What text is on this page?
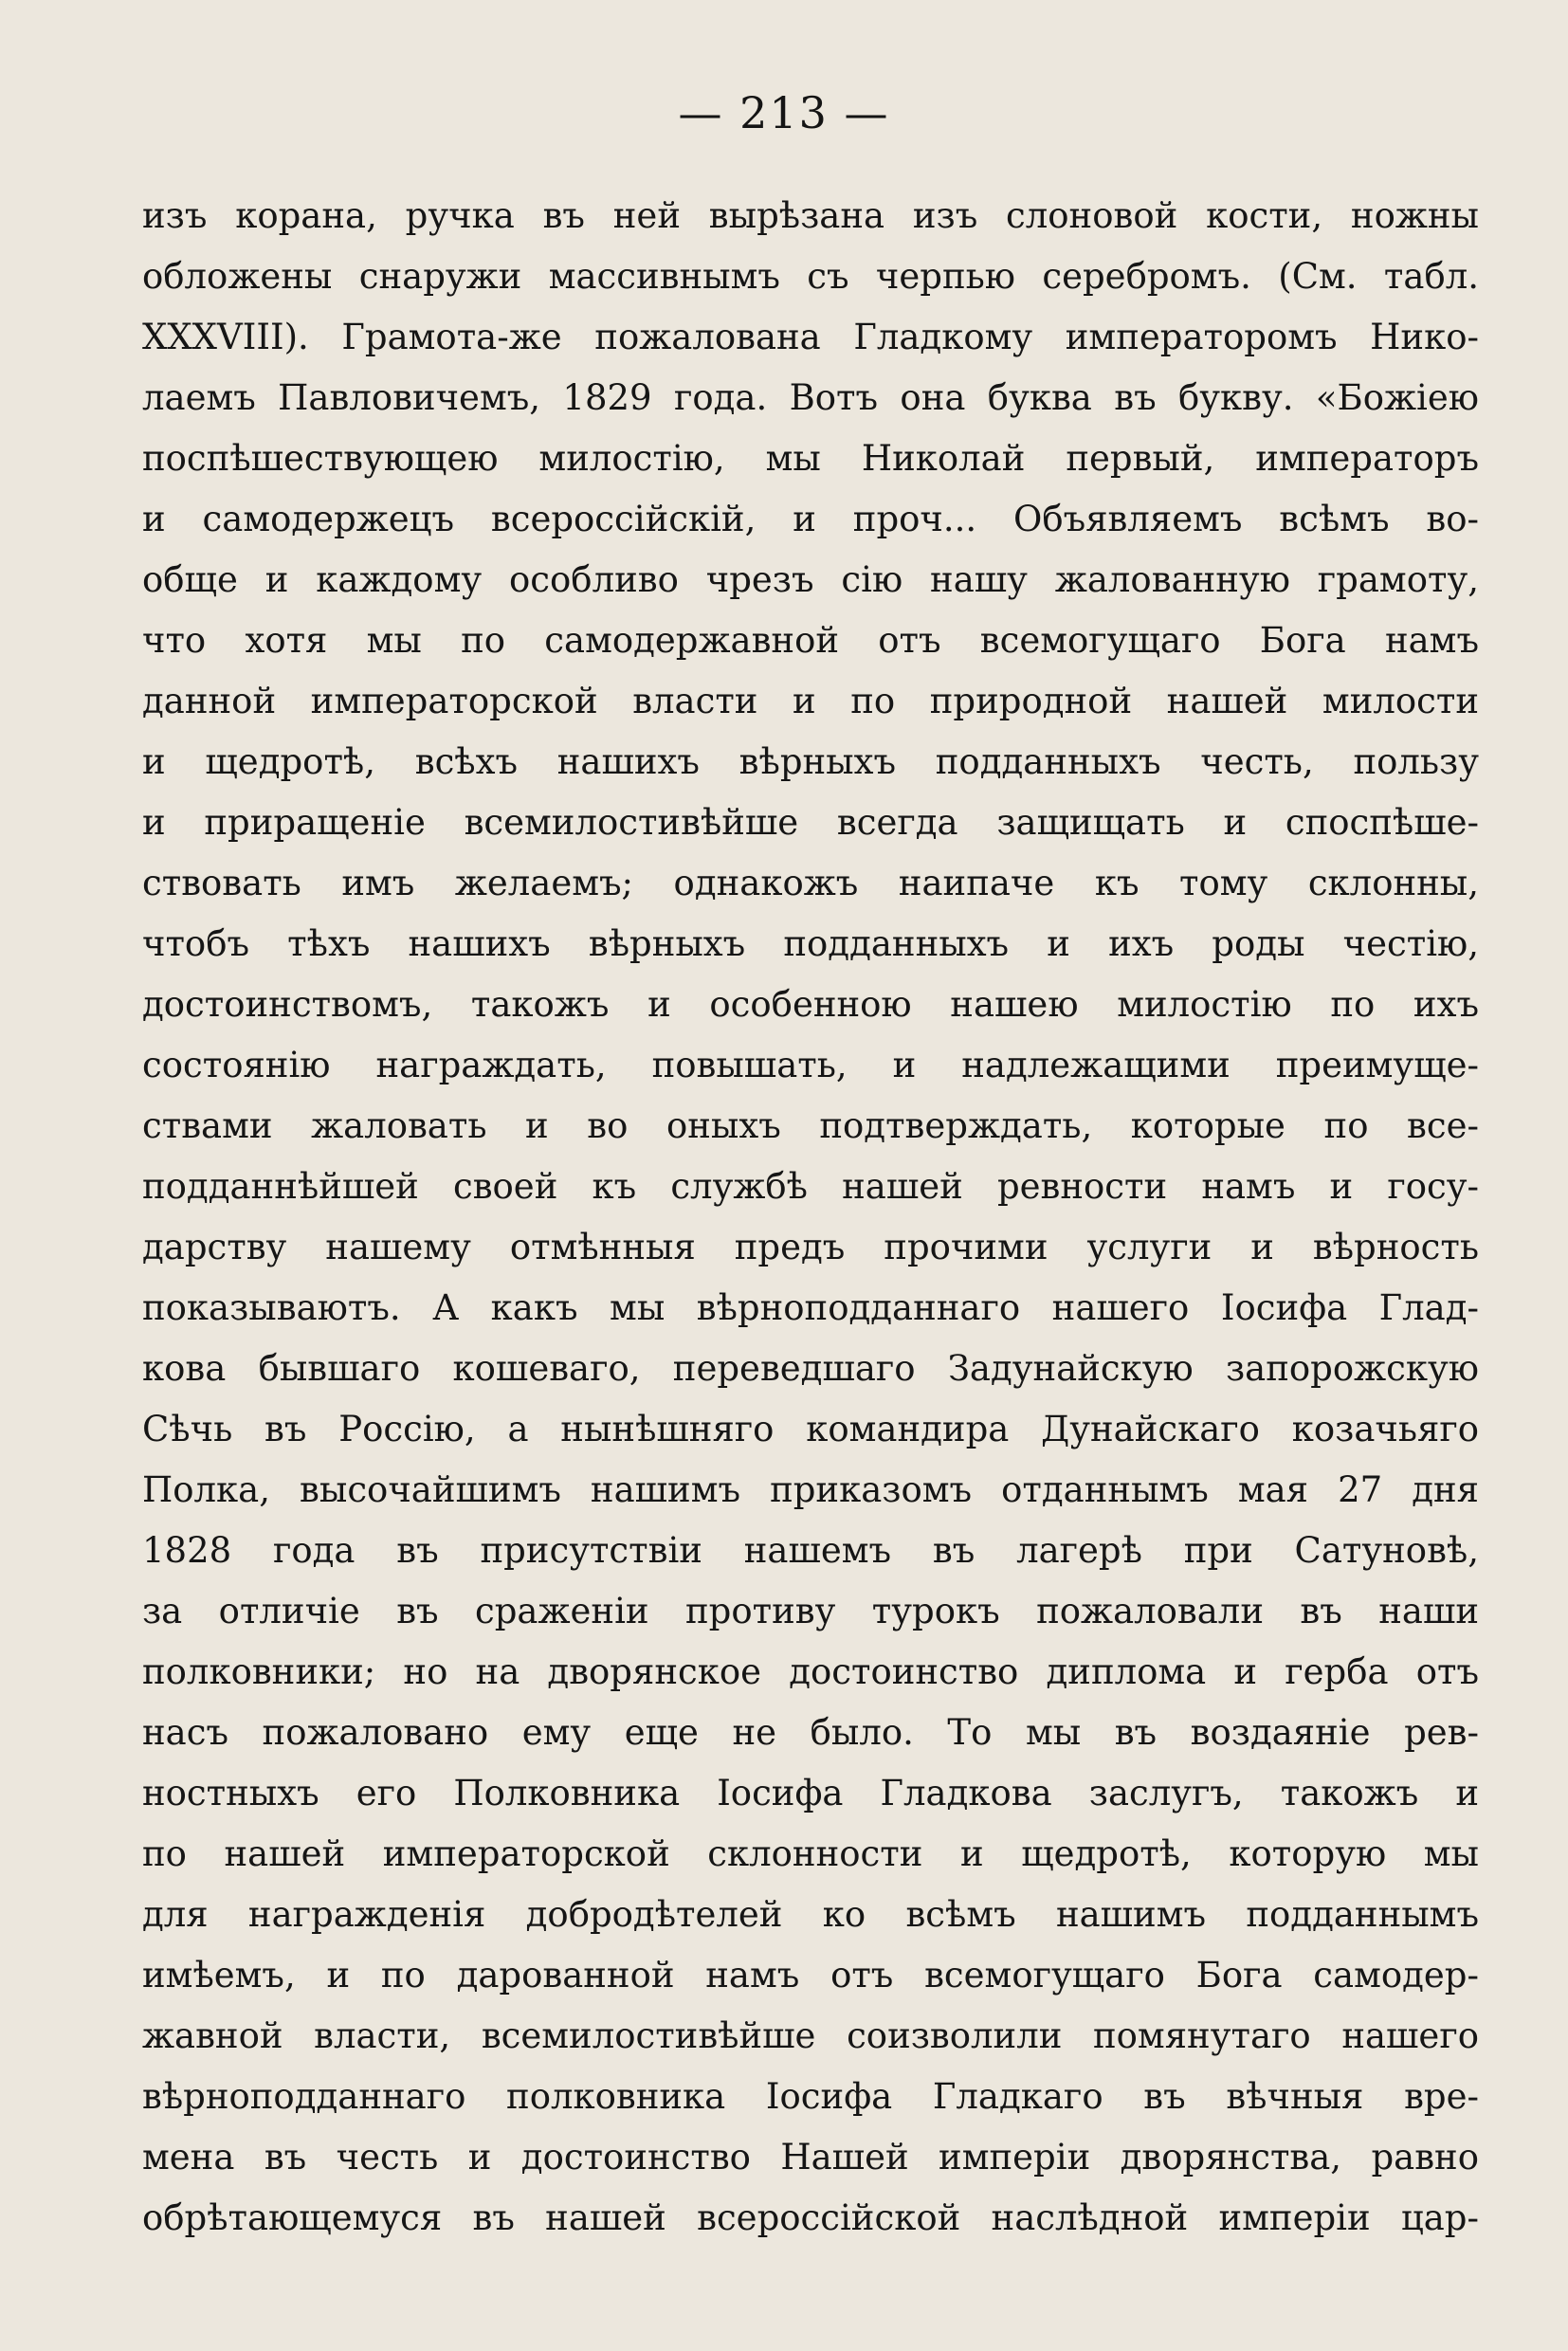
— 213 —
изъ корана, ручка въ ней вырѣзана изъ слоновой кости, ножны
обложены снаружи массивнымъ съ черпью серебромъ. (См. табл.
XXXVIII). Грамота-же пожалована Гладкому императоромъ Нико-
лаемъ Павловичемъ, 1829 года. Вотъ она буква въ букву. «Божіею
поспѣшествующею милостію, мы Николай первый, императоръ
и самодержецъ всероссійскій, и проч... Объявляемъ всѣмъ во-
обще и каждому особливо чрезъ сію нашу жалованную грамоту,
что хотя мы по самодержавной отъ всемогущаго Бога намъ
данной императорской власти и по природной нашей милости
и щедротѣ, всѣхъ нашихъ вѣрныхъ подданныхъ честь, пользу
и приращеніе всемилостивѣйше всегда защищать и споспѣше-
ствовать имъ желаемъ; однакожъ наипаче къ тому склонны,
чтобъ тѣхъ нашихъ вѣрныхъ подданныхъ и ихъ роды честію,
достоинствомъ, такожъ и особенною нашею милостію по ихъ
состоянію награждать, повышать, и надлежащими преимуще-
ствами жаловать и во оныхъ подтверждать, которые по все-
подданнѣйшей своей къ службѣ нашей ревности намъ и госу-
дарству нашему отмѣнныя предъ прочими услуги и вѣрность
показываютъ. А какъ мы вѣрноподданнаго нашего Іосифа Глад-
кова бывшаго кошеваго, переведшаго Задунайскую запорожскую
Сѣчь въ Россію, а нынѣшняго командира Дунайскаго козачьяго
Полка, высочайшимъ нашимъ приказомъ отданнымъ мая 27 дня
1828 года въ присутствіи нашемъ въ лагерѣ при Сатуновѣ,
за отличіе въ сраженіи противу турокъ пожаловали въ наши
полковники; но на дворянское достоинство диплома и герба отъ
насъ пожаловано ему еще не было. То мы въ воздаяніе рев-
ностныхъ его Полковника Іосифа Гладкова заслугъ, такожъ и
по нашей императорской склонности и щедротѣ, которую мы
для награжденія добродѣтелей ко всѣмъ нашимъ подданнымъ
имѣемъ, и по дарованной намъ отъ всемогущаго Бога самодер-
жавной власти, всемилостивѣйше соизволили помянутаго нашего
вѣрноподданнаго полковника Іосифа Гладкаго въ вѣчныя вре-
мена въ честь и достоинство Нашей имперіи дворянства, равно
обрѣтающемуся въ нашей всероссійской наслѣдной имперіи цар-
